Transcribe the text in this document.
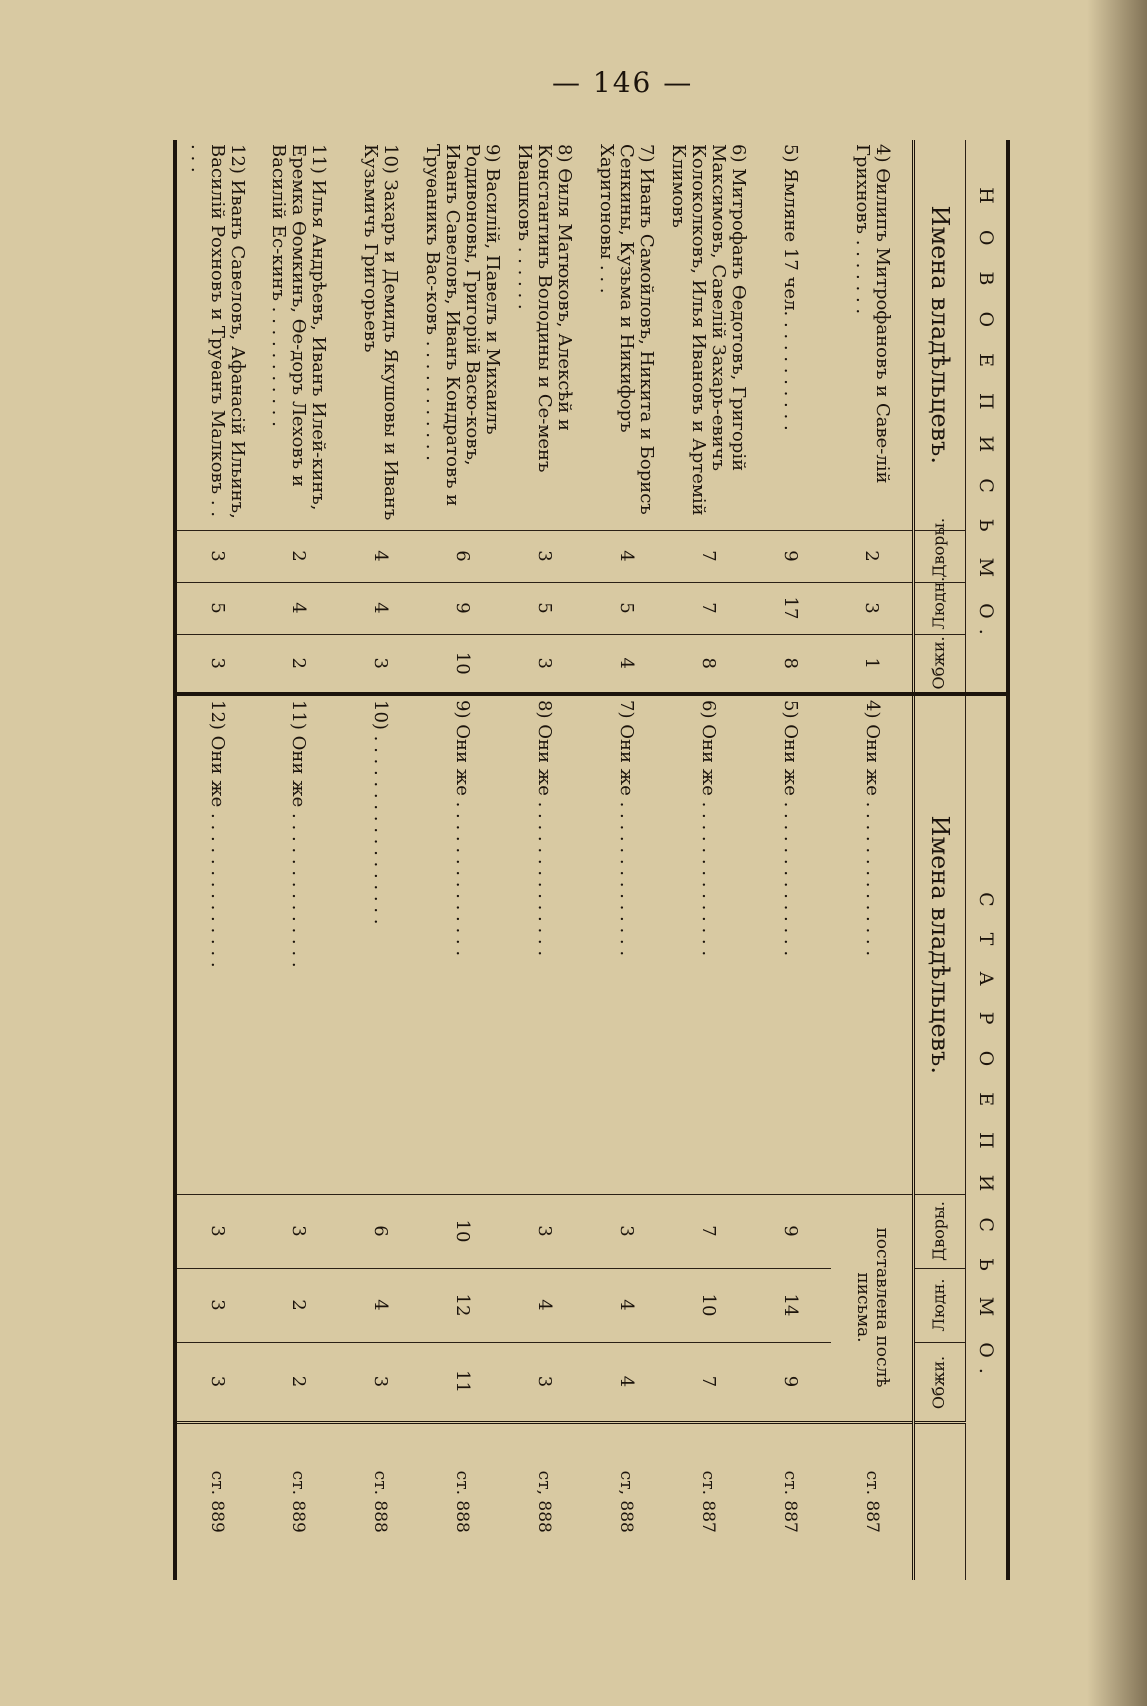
— 146 —
Н О В О Е П И С Ь М О.				С Т А Р О Е П И С Ь М О.				
Имена владѣльцевъ.	Дворы.	Людн.	Обжи.	Имена владѣльцевъ.	Дворы.	Людн.	Обжи.	
4) Ѳилипъ Митрофановъ и Саве-лій Грихновъ . . . . . . .	2	3	1	4) Они же . . . . . . . . . . . . . .	поставлена послѣ письма.			ст. 887
5) Ямляне 17 чел. . . . . . . . . . .	9	17	8	5) Они же . . . . . . . . . . . . . .	9	14	9	ст. 887
6) Митрофанъ Ѳедотовъ, Григорій Максимовъ, Савелій Захарь-евичъ Колоколковъ, Илья Ивановъ и Артемій Климовъ	7	7	8	6) Они же . . . . . . . . . . . . . .	7	10	7	ст. 887
7) Иванъ Самойловъ, Никита и Борисъ Сенкины, Кузьма и Никифоръ Харитоновы . . .	4	5	4	7) Они же . . . . . . . . . . . . . .	3	4	4	ст, 888
8) Ѳиля Матюковъ, Алексѣй и Константинъ Володины и Се-менъ Ивашковъ . . . . . .	3	5	3	8) Они же . . . . . . . . . . . . . .	3	4	3	ст, 888
9) Василій, Павелъ и Михаилъ Родивоновы, Григорій Васю-ковъ, Иванъ Савеловъ, Иванъ Кондратовъ и Труѳаникъ Вас-ковъ . . . . . . . . . . .	6	9	10	9) Они же . . . . . . . . . . . . . .	10	12	11	ст. 888
10) Захаръ и Демидъ Якушовы и Иванъ Кузьмичъ Григорьевъ	4	4	3	10) . . . . . . . . . . . . . . . . .	6	4	3	ст. 888
11) Илья Андрѣевъ, Иванъ Илей-кинъ, Еремка Ѳомкинъ, Ѳе-доръ Леховъ и Василій Ес-кинъ . . . . . . . . . . .	2	4	2	11) Они же . . . . . . . . . . . . . .	3	2	2	ст. 889
12) Иванъ Савеловъ, Афанасій Ильинъ, Василій Рохновъ и Труѳанъ Малковъ . . . . .	3	5	3	12) Они же . . . . . . . . . . . . . .	3	3	3	ст. 889
